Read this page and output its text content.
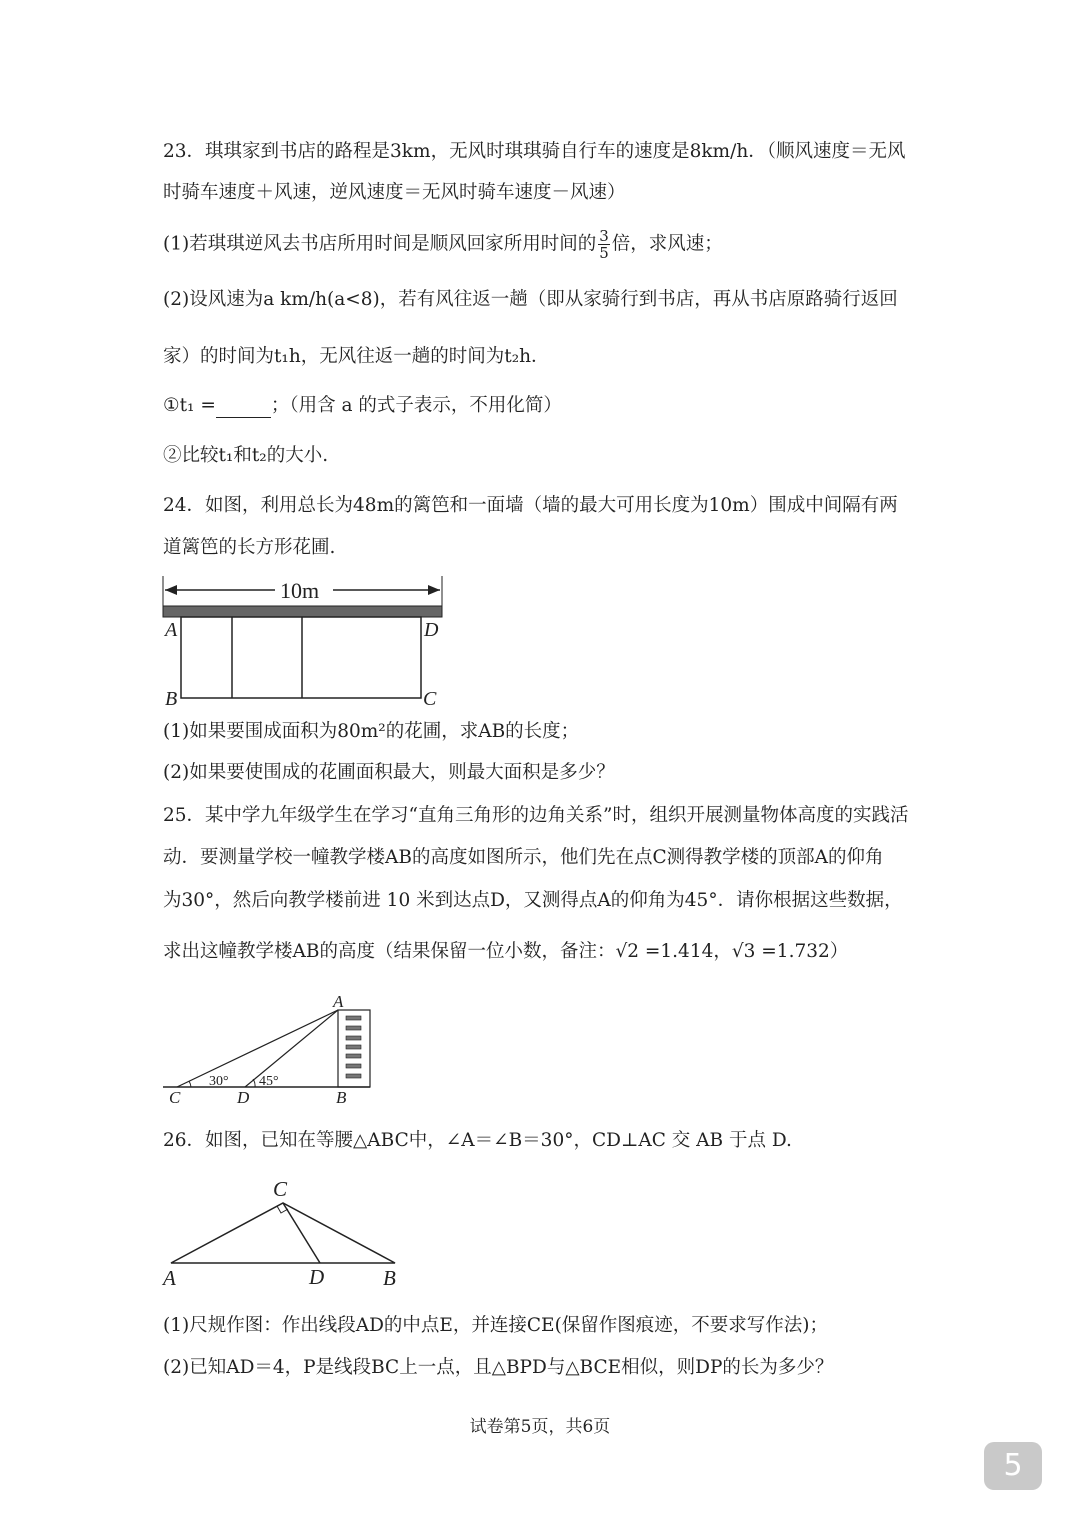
23．琪琪家到书店的路程是3km，无风时琪琪骑自行车的速度是8km/h．（顺风速度＝无风
时骑车速度＋风速，逆风速度＝无风时骑车速度－风速）
(1)若琪琪逆风去书店所用时间是顺风回家所用时间的 $\frac{3}{5}$ 倍，求风速；
(2)设风速为a km/h(a<8)，若有风往返一趟（即从家骑行到书店，再从书店原路骑行返回
家）的时间为t₁h，无风往返一趟的时间为t₂h．
①t₁ =	；（用含 a 的式子表示，不用化简）
②比较t₁和t₂的大小.
24．如图，利用总长为48m的篱笆和一面墙（墙的最大可用长度为10m）围成中间隔有两
道篱笆的长方形花圃.
10m
A	D
B	C
(1)如果要围成面积为80m²的花圃，求AB的长度；
(2)如果要使围成的花圃面积最大，则最大面积是多少？
25．某中学九年级学生在学习“直角三角形的边角关系”时，组织开展测量物体高度的实践活
动．要测量学校一幢教学楼AB的高度如图所示，他们先在点C测得教学楼的顶部A的仰角
为30°，然后向教学楼前进 10 米到达点D，又测得点A的仰角为45°．请你根据这些数据，
求出这幢教学楼AB的高度（结果保留一位小数，备注：√2 =1.414，√3 =1.732）
30° 45°
A
C	D	B
26．如图，已知在等腰△ABC中，∠A＝∠B＝30°，CD⊥AC 交 AB 于点 D.
C
A	D	B
(1)尺规作图：作出线段AD的中点E，并连接CE(保留作图痕迹，不要求写作法)；
(2)已知AD＝4，P是线段BC上一点，且△BPD与△BCE相似，则DP的长为多少？
试卷第5页，共6页
5
